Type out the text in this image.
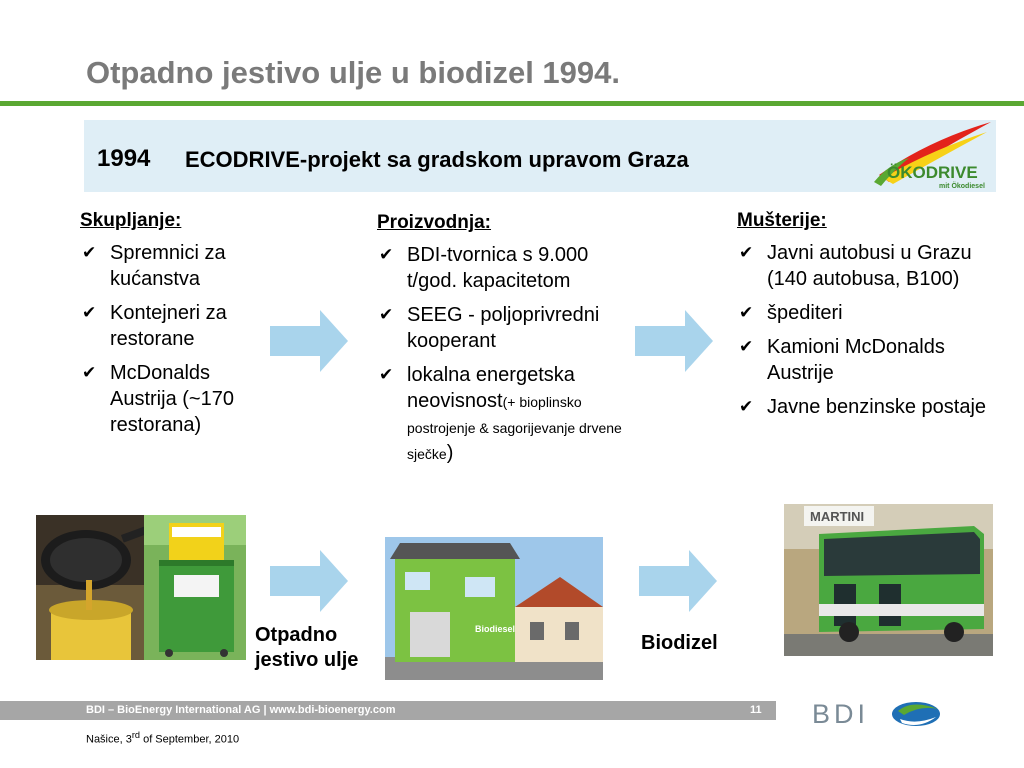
Otpadno jestivo ulje u biodizel 1994.
1994 ECODRIVE-projekt sa gradskom upravom Graza
ÖKODRIVE
mit Ökodiesel
Skupljanje:
✔ Spremnici za kućanstva
✔ Kontejneri za restorane
✔ McDonalds Austrija (~170 restorana)
Proizvodnja:
✔ BDI-tvornica s 9.000 t/god. kapacitetom
✔ SEEG - poljoprivredni kooperant
✔ lokalna energetska neovisnost(+ bioplinsko postrojenje & sagorijevanje drvene sječke)
Mušterije:
✔ Javni autobusi u Grazu
(140 autobusa, B100)
✔ špediteri
✔ Kamioni McDonalds Austrije
✔ Javne benzinske postaje
Biodiesel
MARTINI
Otpadno jestivo ulje
Biodizel
BDI – BioEnergy International AG | www.bdi-bioenergy.com	11
Našice, 3rd of September, 2010
BDI
